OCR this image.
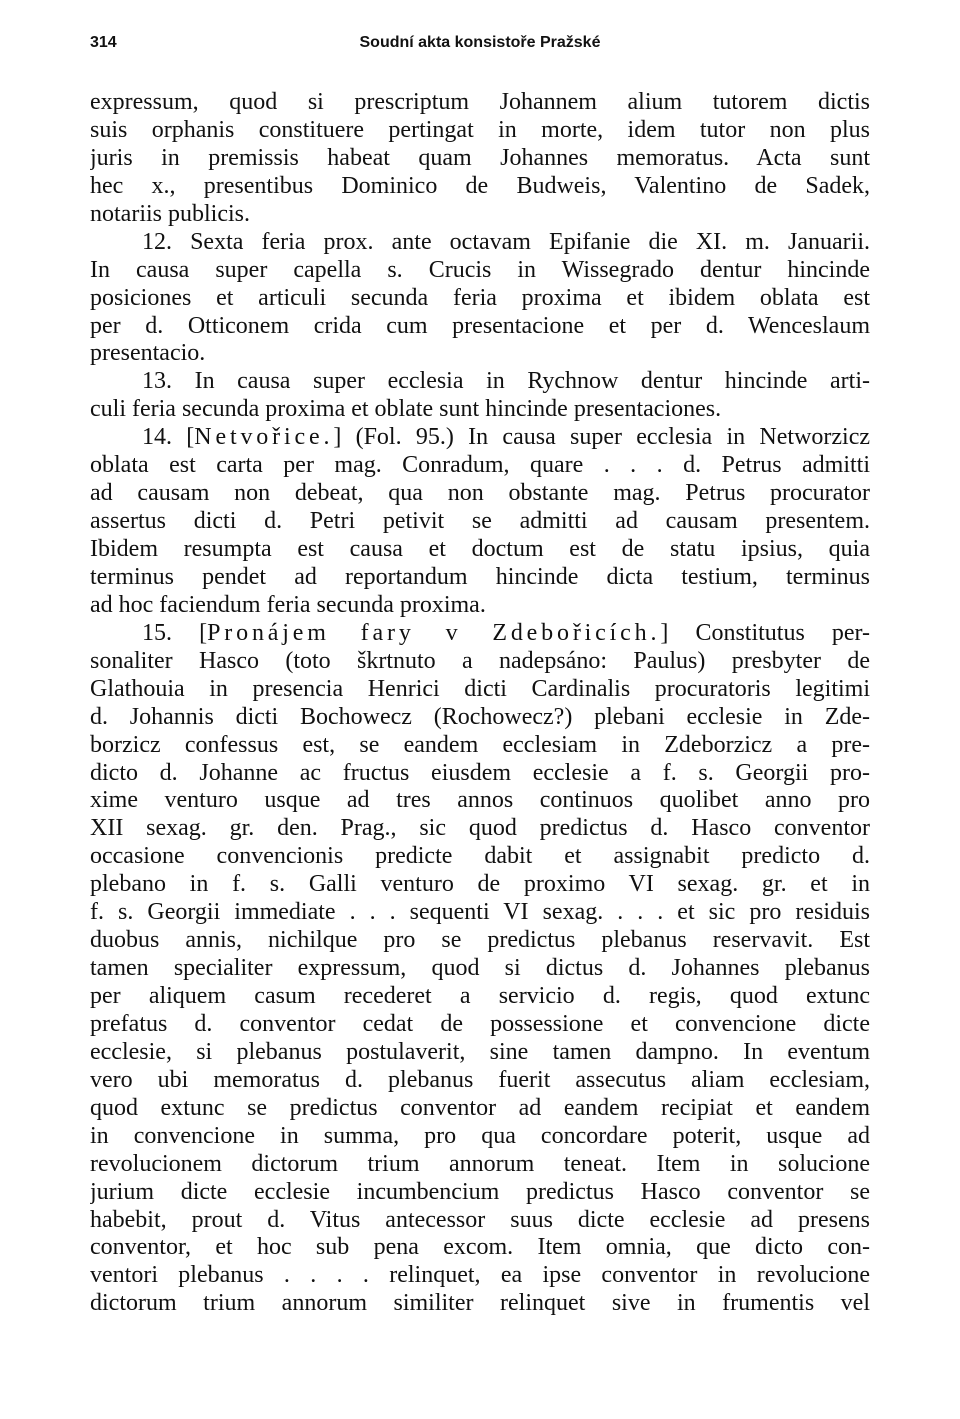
314	Soudní akta konsistoře Pražské
expressum, quod si prescriptum Johannem alium tutorem dictis
suis orphanis constituere pertingat in morte, idem tutor non plus
juris in premissis habeat quam Johannes memoratus. Acta sunt
hec x., presentibus Dominico de Budweis, Valentino de Sadek,
notariis publicis.
12. Sexta feria prox. ante octavam Epifanie die XI. m. Januarii.
In causa super capella s. Crucis in Wissegrado dentur hincinde
posiciones et articuli secunda feria proxima et ibidem oblata est
per d. Otticonem crida cum presentacione et per d. Wenceslaum
presentacio.
13. In causa super ecclesia in Rychnow dentur hincinde arti-
culi feria secunda proxima et oblate sunt hincinde presentaciones.
14. [Netvořice.] (Fol. 95.) In causa super ecclesia in Networzicz
oblata est carta per mag. Conradum, quare . . . d. Petrus admitti
ad causam non debeat, qua non obstante mag. Petrus procurator
assertus dicti d. Petri petivit se admitti ad causam presentem.
Ibidem resumpta est causa et doctum est de statu ipsius, quia
terminus pendet ad reportandum hincinde dicta testium, terminus
ad hoc faciendum feria secunda proxima.
15. [Pronájem fary v Zdebořicích.] Constitutus per-
sonaliter Hasco (toto škrtnuto a nadepsáno: Paulus) presbyter de
Glathouia in presencia Henrici dicti Cardinalis procuratoris legitimi
d. Johannis dicti Bochowecz (Rochowecz?) plebani ecclesie in Zde-
borzicz confessus est, se eandem ecclesiam in Zdeborzicz a pre-
dicto d. Johanne ac fructus eiusdem ecclesie a f. s. Georgii pro-
xime venturo usque ad tres annos continuos quolibet anno pro
XII sexag. gr. den. Prag., sic quod predictus d. Hasco conventor
occasione convencionis predicte dabit et assignabit predicto d.
plebano in f. s. Galli venturo de proximo VI sexag. gr. et in
f. s. Georgii immediate . . . sequenti VI sexag. . . . et sic pro residuis
duobus annis, nichilque pro se predictus plebanus reservavit. Est
tamen specialiter expressum, quod si dictus d. Johannes plebanus
per aliquem casum recederet a servicio d. regis, quod extunc
prefatus d. conventor cedat de possessione et convencione dicte
ecclesie, si plebanus postulaverit, sine tamen dampno. In eventum
vero ubi memoratus d. plebanus fuerit assecutus aliam ecclesiam,
quod extunc se predictus conventor ad eandem recipiat et eandem
in convencione in summa, pro qua concordare poterit, usque ad
revolucionem dictorum trium annorum teneat. Item in solucione
jurium dicte ecclesie incumbencium predictus Hasco conventor se
habebit, prout d. Vitus antecessor suus dicte ecclesie ad presens
conventor, et hoc sub pena excom. Item omnia, que dicto con-
ventori plebanus . . . . relinquet, ea ipse conventor in revolucione
dictorum trium annorum similiter relinquet sive in frumentis vel
